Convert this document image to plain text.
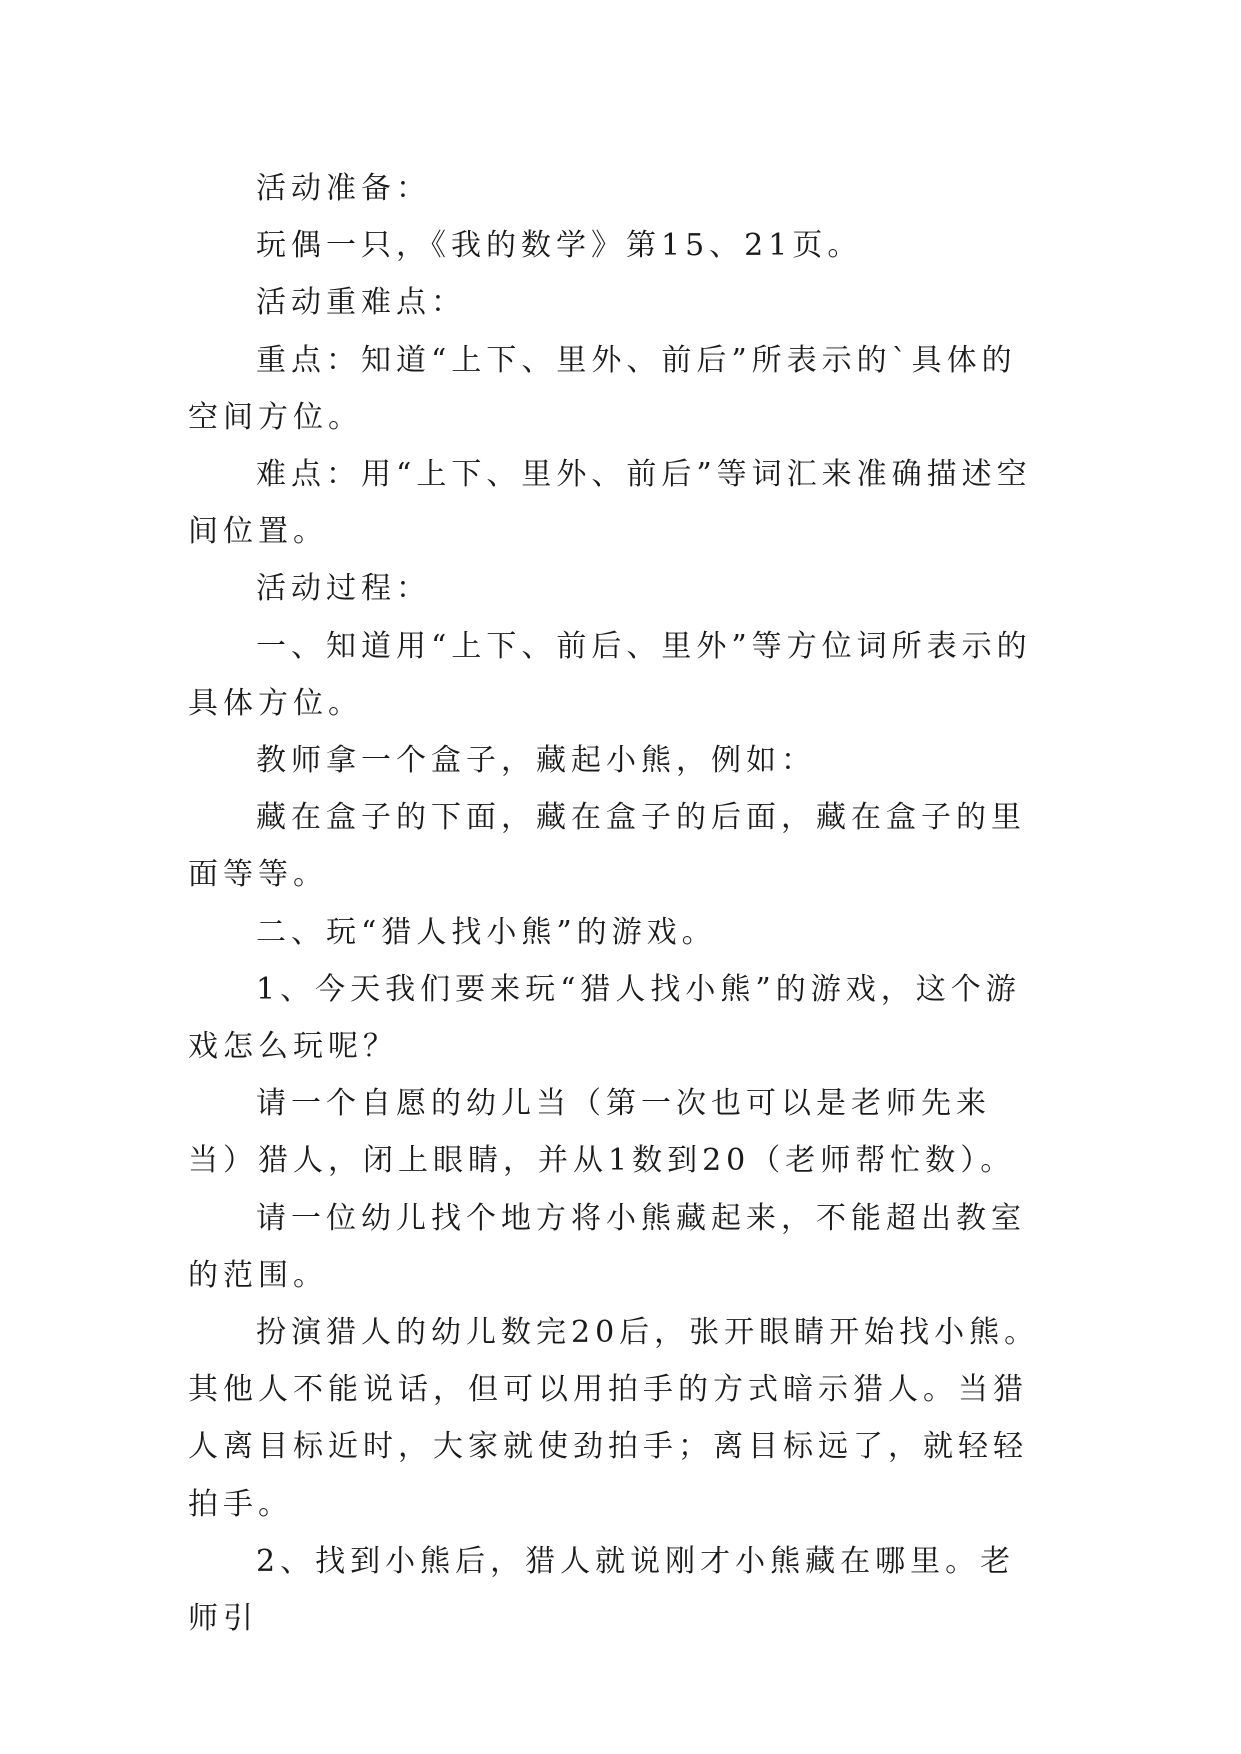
活动准备：

玩偶一只，《我的数学》第15、21页。

活动重难点：

重点：知道“上下、里外、前后”所表示的`具体的空间方位。

难点：用“上下、里外、前后”等词汇来准确描述空间位置。

活动过程：

一、知道用“上下、前后、里外”等方位词所表示的具体方位。

教师拿一个盒子，藏起小熊，例如：

藏在盒子的下面，藏在盒子的后面，藏在盒子的里面等等。

二、玩“猎人找小熊”的游戏。

1、今天我们要来玩“猎人找小熊”的游戏，这个游戏怎么玩呢？

请一个自愿的幼儿当（第一次也可以是老师先来当）猎人，闭上眼睛，并从1数到20（老师帮忙数）。

请一位幼儿找个地方将小熊藏起来，不能超出教室的范围。

扮演猎人的幼儿数完20后，张开眼睛开始找小熊。其他人不能说话，但可以用拍手的方式暗示猎人。当猎人离目标近时，大家就使劲拍手；离目标远了，就轻轻拍手。

2、找到小熊后，猎人就说刚才小熊藏在哪里。老师引
